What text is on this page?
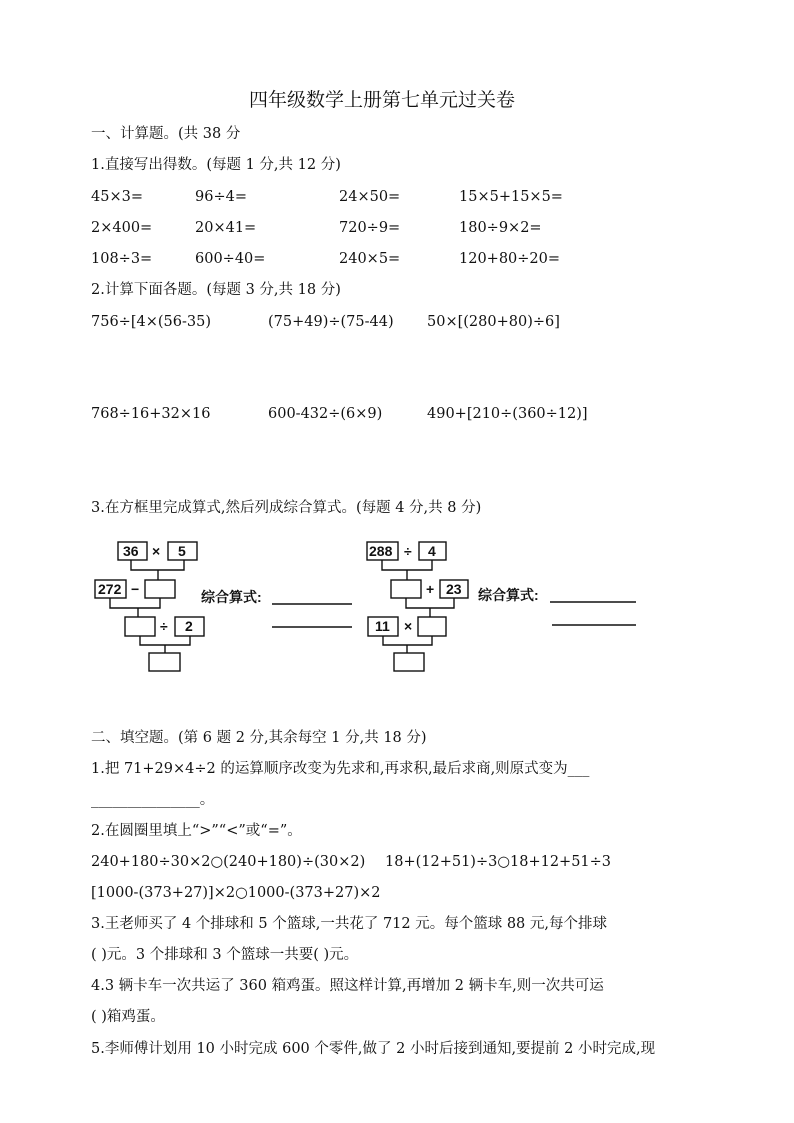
四年级数学上册第七单元过关卷
一、计算题。(共 38 分
1.直接写出得数。(每题 1 分,共 12 分)
45×3=	96÷4=	24×50=	15×5+15×5=
2×400=	20×41=	720÷9=	180÷9×2=
108÷3=	600÷40=	240×5=	120+80÷20=
2.计算下面各题。(每题 3 分,共 18 分)
756÷[4×(56-35)	(75+49)÷(75-44) 50×[(280+80)÷6]
768÷16+32×16	600-432÷(6×9)	490+[210÷(360÷12)]
3.在方框里完成算式,然后列成综合算式。(每题 4 分,共 8 分)
36 × 5
272 −
÷ 2
288 ÷ 4
+ 23
11 ×
综合算式:	综合算式:
二、填空题。(第 6 题 2 分,其余每空 1 分,共 18 分)
1.把 71+29×4÷2 的运算顺序改变为先求和,再求积,最后求商,则原式变为___
_______________。
2.在圆圈里填上“>”“<”或“=”。
240+180÷30×2○(240+180)÷(30×2) 18+(12+51)÷3○18+12+51÷3
[1000-(373+27)]×2○1000-(373+27)×2
3.王老师买了 4 个排球和 5 个篮球,一共花了 712 元。每个篮球 88 元,每个排球
( )元。3 个排球和 3 个篮球一共要( )元。
4.3 辆卡车一次共运了 360 箱鸡蛋。照这样计算,再增加 2 辆卡车,则一次共可运
( )箱鸡蛋。
5.李师傅计划用 10 小时完成 600 个零件,做了 2 小时后接到通知,要提前 2 小时完成,现
